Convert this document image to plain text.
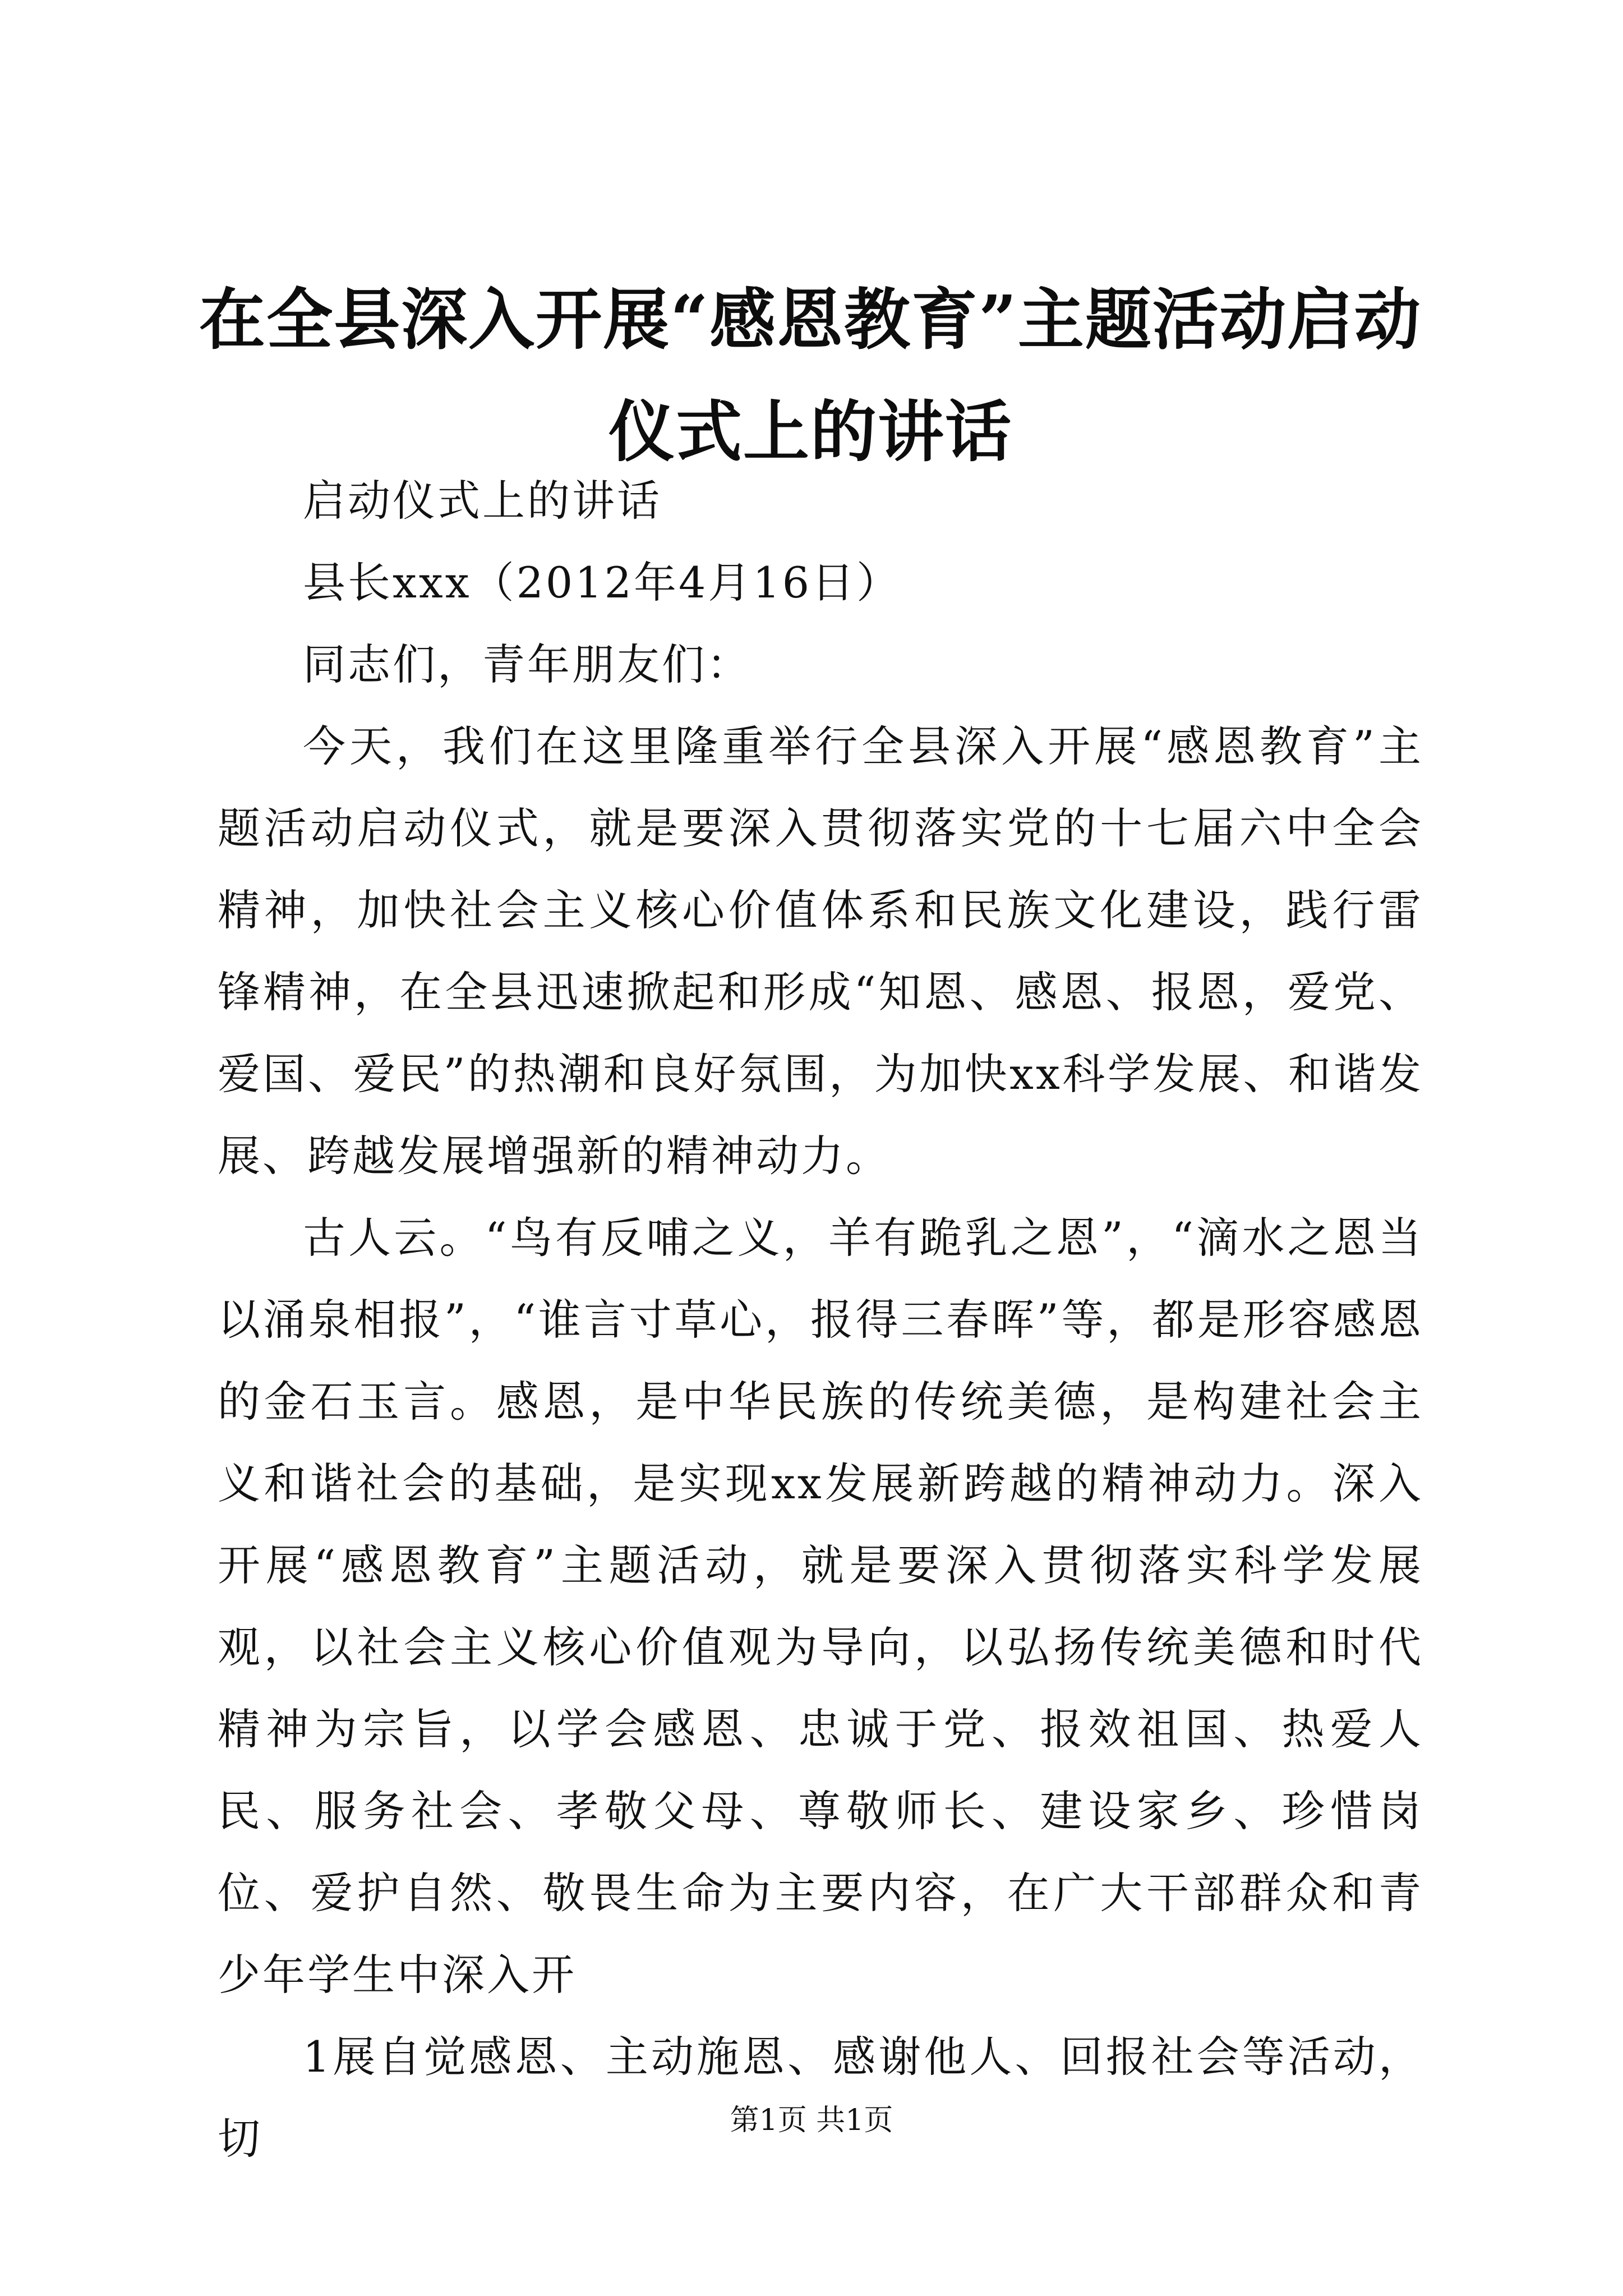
在全县深入开展“感恩教育”主题活动启动仪式上的讲话

启动仪式上的讲话

县长xxx（2012年4月16日）

同志们，青年朋友们：

今天，我们在这里隆重举行全县深入开展“感恩教育”主题活动启动仪式，就是要深入贯彻落实党的十七届六中全会精神，加快社会主义核心价值体系和民族文化建设，践行雷锋精神，在全县迅速掀起和形成“知恩、感恩、报恩，爱党、爱国、爱民”的热潮和良好氛围，为加快xx科学发展、和谐发展、跨越发展增强新的精神动力。

古人云。“鸟有反哺之义，羊有跪乳之恩”，“滴水之恩当以涌泉相报”，“谁言寸草心，报得三春晖”等，都是形容感恩的金石玉言。感恩，是中华民族的传统美德，是构建社会主义和谐社会的基础，是实现xx发展新跨越的精神动力。深入开展“感恩教育”主题活动，就是要深入贯彻落实科学发展观，以社会主义核心价值观为导向，以弘扬传统美德和时代精神为宗旨，以学会感恩、忠诚于党、报效祖国、热爱人民、服务社会、孝敬父母、尊敬师长、建设家乡、珍惜岗位、爱护自然、敬畏生命为主要内容，在广大干部群众和青少年学生中深入开

1展自觉感恩、主动施恩、感谢他人、回报社会等活动，切	第1页 共1页
